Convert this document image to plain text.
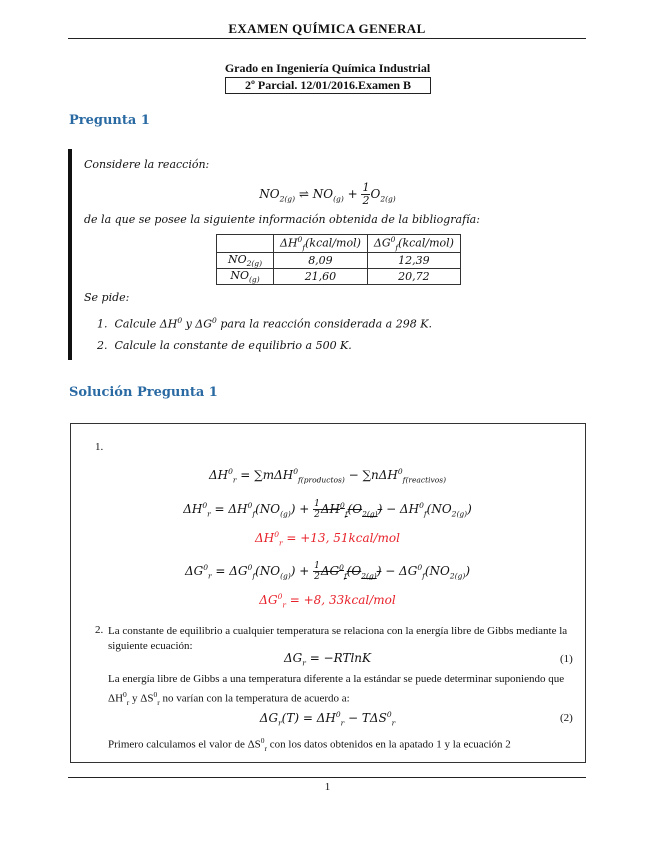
EXAMEN QUÍMICA GENERAL
Grado en Ingeniería Química Industrial
2º Parcial. 12/01/2016.Examen B
Pregunta 1
Considere la reacción:
$NO_{2(g)}$ ⇌ $NO_{(g)} + \frac{1}{2} O_{2(g)}$
de la que se posee la siguiente información obtenida de la bibliografía:
	$\Delta H^0_f(kcal/mol)$	$\Delta G^0_f(kcal/mol)$
$NO_{2(g)}$	8,09	12,39
$NO_{(g)}$	21,60	20,72
Se pide:
1. Calcule $\Delta H^0$ y $\Delta G^0$ para la reacción considerada a 298 K.
2. Calcule la constante de equilibrio a 500 K.
Solución Pregunta 1
1.
$\Delta H^0_r = \sum m\Delta H^0_{f(productos)} - \sum n\Delta H^0_{f(reactivos)}$
$\Delta H^0_r = \Delta H^0_f(NO_{(g)}) + \frac{1}{2} \Delta H^0_f(O_{2(g)}) - \Delta H^0_f(NO_{2(g)})$
$\Delta H^0_r = +13$, 51kcal/mol
$\Delta G^0_r = \Delta G^0_f(NO_{(g)}) + \frac{1}{2} \Delta G^0_f(O_{2(g)}) - \Delta G^0_f(NO_{2(g)})$
$\Delta G^0_r = +8$, 33kcal/mol
2. La constante de equilibrio a cualquier temperatura se relaciona con la energía libre de Gibbs mediante la siguiente ecuación:
$\Delta G_r = -RTlnK$	(1)
La energía libre de Gibbs a una temperatura diferente a la estándar se puede determinar suponiendo que $\Delta H^0_r$ y $\Delta S^0_r$ no varían con la temperatura de acuerdo a:
$\Delta G_r(T) = \Delta H^0_r - T\Delta S^0_r$	(2)
Primero calculamos el valor de $\Delta S^0_r$ con los datos obtenidos en la apatado 1 y la ecuación 2
1
